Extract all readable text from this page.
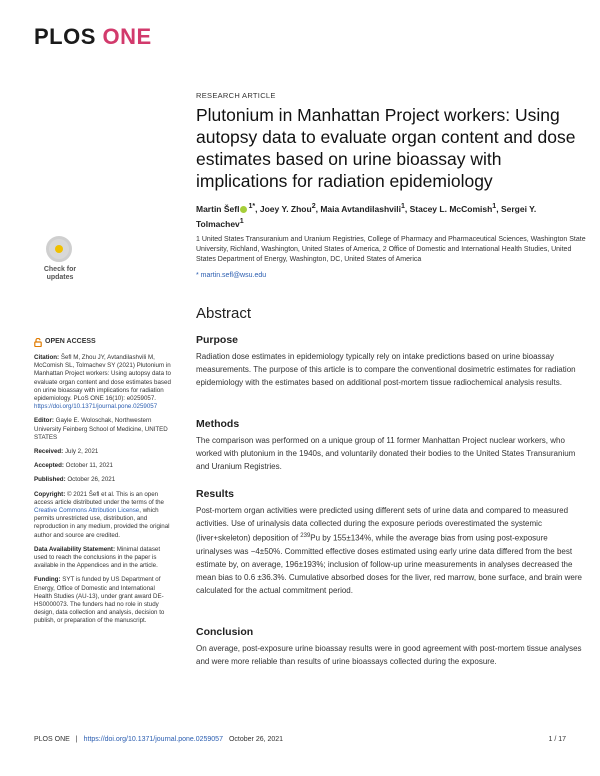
PLOS ONE
RESEARCH ARTICLE
Plutonium in Manhattan Project workers: Using autopsy data to evaluate organ content and dose estimates based on urine bioassay with implications for radiation epidemiology
Martin Šefl $^{1*}$, Joey Y. Zhou$^2$, Maia Avtandilashvili$^1$, Stacey L. McComish$^1$, Sergei Y. Tolmachev$^1$
1 United States Transuranium and Uranium Registries, College of Pharmacy and Pharmaceutical Sciences, Washington State University, Richland, Washington, United States of America, 2 Office of Domestic and International Health Studies, United States Department of Energy, Washington, DC, United States of America
* martin.sefl@wsu.edu
Check for
updates
OPEN ACCESS
Citation: Šefl M, Zhou JY, Avtandilashvili M, McComish SL, Tolmachev SY (2021) Plutonium in Manhattan Project workers: Using autopsy data to evaluate organ content and dose estimates based on urine bioassay with implications for radiation epidemiology. PLoS ONE 16(10): e0259057. https://doi.org/10.1371/journal.pone.0259057
Editor: Gayle E. Woloschak, Northwestern University Feinberg School of Medicine, UNITED STATES
Received: July 2, 2021
Accepted: October 11, 2021
Published: October 26, 2021
Copyright: © 2021 Šefl et al. This is an open access article distributed under the terms of the Creative Commons Attribution License, which permits unrestricted use, distribution, and reproduction in any medium, provided the original author and source are credited.
Data Availability Statement: Minimal dataset used to reach the conclusions in the paper is available in the Appendices and in the article.
Funding: SYT is funded by US Department of Energy, Office of Domestic and International Health Studies (AU-13), under grant award DE-HS0000073. The funders had no role in study design, data collection and analysis, decision to publish, or preparation of the manuscript.
Abstract
Purpose

Radiation dose estimates in epidemiology typically rely on intake predictions based on urine bioassay measurements. The purpose of this article is to compare the conventional dosimetric estimates for radiation epidemiology with the estimates based on additional post-mortem tissue radiochemical analysis results.

Methods

The comparison was performed on a unique group of 11 former Manhattan Project nuclear workers, who worked with plutonium in the 1940s, and voluntarily donated their bodies to the United States Transuranium and Uranium Registries.

Results

Post-mortem organ activities were predicted using different sets of urine data and compared to measured activities. Use of urinalysis data collected during the exposure periods overestimated the systemic (liver+skeleton) deposition of $^{239}$Pu by 155±134%, while the average bias from using post-exposure urinalyses was −4±50%. Committed effective doses estimated using early urine data differed from the best estimate by, on average, 196±193%; inclusion of follow-up urine measurements in analyses decreased the mean bias to 0.6 ±36.3%. Cumulative absorbed doses for the liver, red marrow, bone surface, and brain were calculated for the actual commitment period.

Conclusion

On average, post-exposure urine bioassay results were in good agreement with post-mortem tissue analyses and were more reliable than results of urine bioassays collected during the exposure.

PLOS ONE | https://doi.org/10.1371/journal.pone.0259057 October 26, 2021	1 / 17
